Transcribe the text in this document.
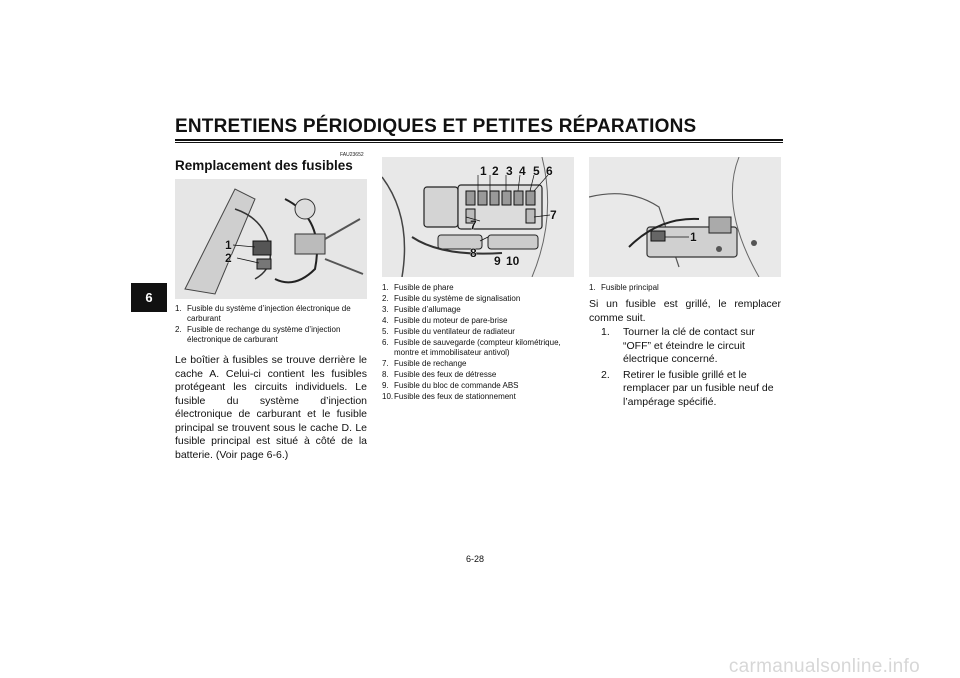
ENTRETIENS PÉRIODIQUES ET PETITES RÉPARATIONS
6
FAU23652
Remplacement des fusibles
1
2
1. Fusible du système d’injection électronique de carburant
2. Fusible de rechange du système d’injection électronique de carburant

Le boîtier à fusibles se trouve derrière le cache A. Celui-ci contient les fusibles protégeant les circuits individuels. Le fusible du système d’injection électronique de carburant et le fusible principal se trouvent sous le cache D. Le fusible principal est situé à côté de la batterie. (Voir page 6-6.)

1 2 3 4 5 6
7
7
8
9 10
1. Fusible de phare
2. Fusible du système de signalisation
3. Fusible d’allumage
4. Fusible du moteur de pare-brise
5. Fusible du ventilateur de radiateur
6. Fusible de sauvegarde (compteur kilométrique, montre et immobilisateur antivol)
7. Fusible de rechange
8. Fusible des feux de détresse
9. Fusible du bloc de commande ABS
10. Fusible des feux de stationnement
1
1. Fusible principal

Si un fusible est grillé, le remplacer comme suit.

1. Tourner la clé de contact sur “OFF” et éteindre le circuit électrique concerné.
2. Retirer le fusible grillé et le remplacer par un fusible neuf de l’ampérage spécifié.
6-28
carmanualsonline.info
